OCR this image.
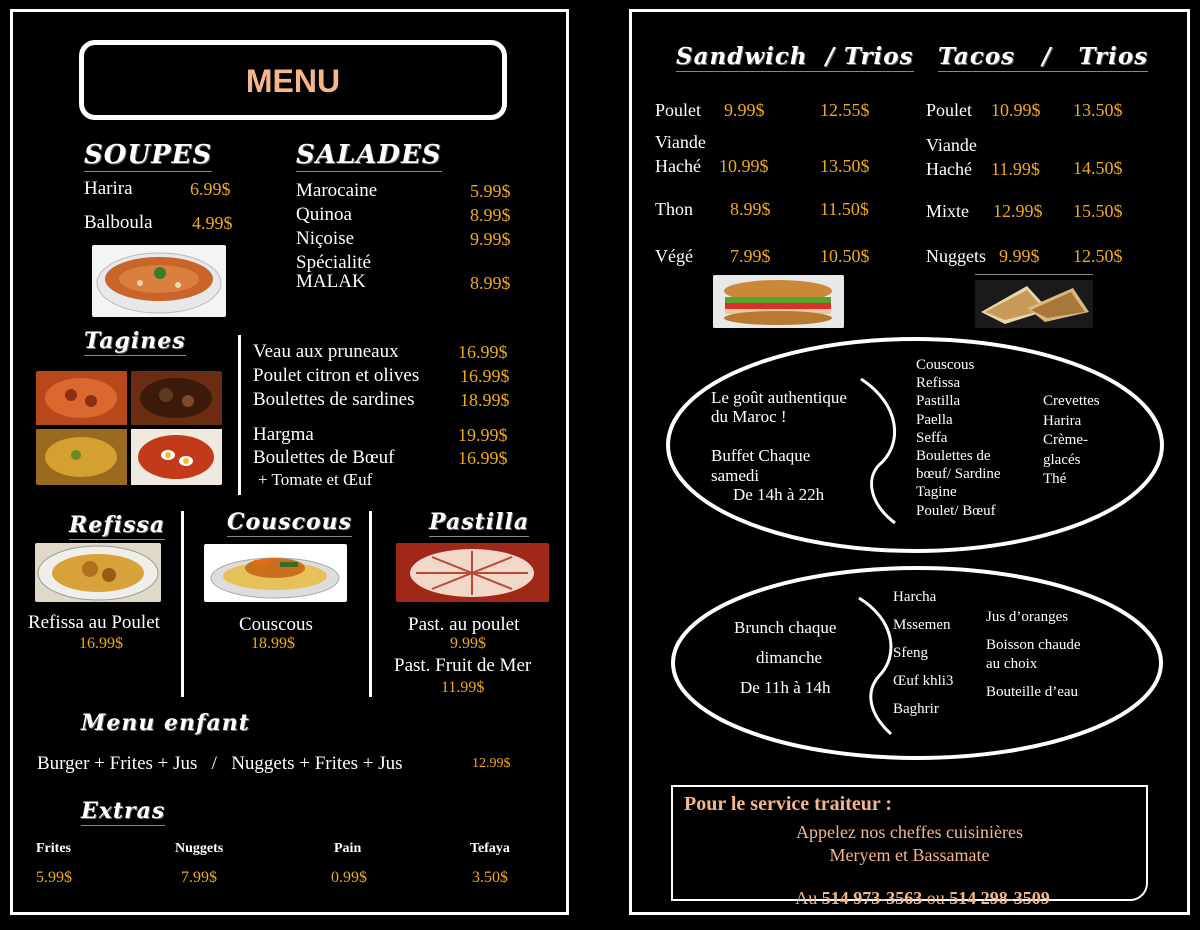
MENU
SOUPES
Harira	6.99$
Balboula 4.99$
SALADES
Marocaine	5.99$
Quinoa	8.99$
Niçoise	9.99$
Spécialité
MALAK	8.99$
Tagines	Veau aux pruneaux	16.99$
Poulet citron et olives 16.99$
Boulettes de sardines	18.99$
Hargma	19.99$
Boulettes de Bœuf	16.99$
+ Tomate et Œuf
Refissa
Refissa au Poulet
16.99$
Couscous
Couscous
18.99$
Pastilla
Past. au poulet
9.99$
Past. Fruit de Mer
11.99$
Menu enfant
Burger + Frites + Jus   /   Nuggets + Frites + Jus	12.99$
Extras
Frites
5.99$
Nuggets
7.99$
Pain
0.99$
Tefaya
3.50$
Sandwich  / Trios
Poulet 9.99$	12.55$
Viande
Haché 10.99$	13.50$
Thon 8.99$	11.50$
Végé 7.99$	10.50$
Tacos   /   Trios
Poulet 10.99$ 13.50$
Viande
Haché 11.99$ 14.50$
Mixte 12.99$ 15.50$
Nuggets 9.99$ 12.50$
Le goût authentique
du Maroc !
Buffet Chaque
samedi
De 14h à 22h
Couscous
Refissa
Pastilla
Paella
Seffa
Boulettes de
bœuf/ Sardine
Tagine
Poulet/ Bœuf
Crevettes
Harira
Crème-
glacés
Thé
Brunch chaque
dimanche
De 11h à 14h
Harcha
Mssemen
Sfeng
Œuf khli3
Baghrir
Jus d’oranges
Boisson chaude
au choix
Bouteille d’eau
Pour le service traiteur :
Appelez nos cheffes cuisinières
Meryem et Bassamate

Au 514 973-3563 ou 514 298-3509
